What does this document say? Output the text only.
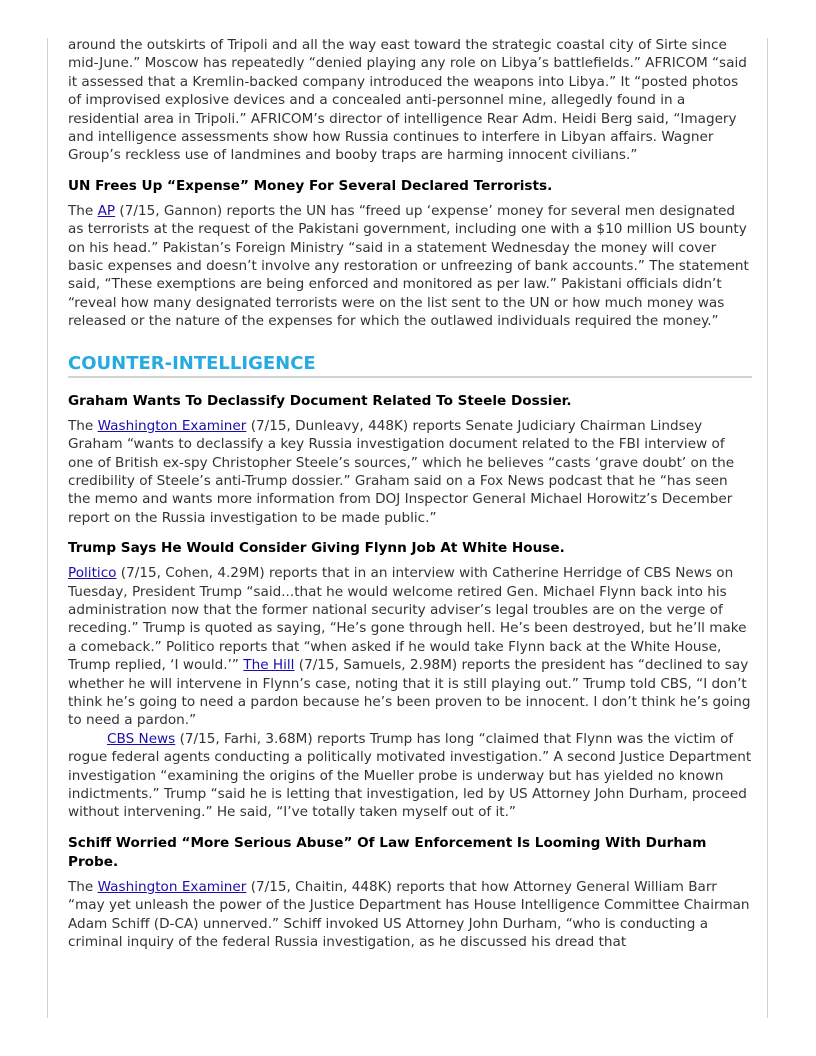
around the outskirts of Tripoli and all the way east toward the strategic coastal city of Sirte since mid-June.” Moscow has repeatedly “denied playing any role on Libya’s battlefields.” AFRICOM “said it assessed that a Kremlin-backed company introduced the weapons into Libya.” It “posted photos of improvised explosive devices and a concealed anti-personnel mine, allegedly found in a residential area in Tripoli.” AFRICOM’s director of intelligence Rear Adm. Heidi Berg said, “Imagery and intelligence assessments show how Russia continues to interfere in Libyan affairs. Wagner Group’s reckless use of landmines and booby traps are harming innocent civilians.”

UN Frees Up “Expense” Money For Several Declared Terrorists.

The AP (7/15, Gannon) reports the UN has “freed up ‘expense’ money for several men designated as terrorists at the request of the Pakistani government, including one with a $10 million US bounty on his head.” Pakistan’s Foreign Ministry “said in a statement Wednesday the money will cover basic expenses and doesn’t involve any restoration or unfreezing of bank accounts.” The statement said, “These exemptions are being enforced and monitored as per law.” Pakistani officials didn’t “reveal how many designated terrorists were on the list sent to the UN or how much money was released or the nature of the expenses for which the outlawed individuals required the money.”

COUNTER-INTELLIGENCE
Graham Wants To Declassify Document Related To Steele Dossier.

The Washington Examiner (7/15, Dunleavy, 448K) reports Senate Judiciary Chairman Lindsey Graham “wants to declassify a key Russia investigation document related to the FBI interview of one of British ex-spy Christopher Steele’s sources,” which he believes “casts ‘grave doubt’ on the credibility of Steele’s anti-Trump dossier.” Graham said on a Fox News podcast that he “has seen the memo and wants more information from DOJ Inspector General Michael Horowitz’s December report on the Russia investigation to be made public.”

Trump Says He Would Consider Giving Flynn Job At White House.

Politico (7/15, Cohen, 4.29M) reports that in an interview with Catherine Herridge of CBS News on Tuesday, President Trump “said...that he would welcome retired Gen. Michael Flynn back into his administration now that the former national security adviser’s legal troubles are on the verge of receding.” Trump is quoted as saying, “He’s gone through hell. He’s been destroyed, but he’ll make a comeback.” Politico reports that “when asked if he would take Flynn back at the White House, Trump replied, ‘I would.’” The Hill (7/15, Samuels, 2.98M) reports the president has “declined to say whether he will intervene in Flynn’s case, noting that it is still playing out.” Trump told CBS, “I don’t think he’s going to need a pardon because he’s been proven to be innocent. I don’t think he’s going to need a pardon.”

CBS News (7/15, Farhi, 3.68M) reports Trump has long “claimed that Flynn was the victim of rogue federal agents conducting a politically motivated investigation.” A second Justice Department investigation “examining the origins of the Mueller probe is underway but has yielded no known indictments.” Trump “said he is letting that investigation, led by US Attorney John Durham, proceed without intervening.” He said, “I’ve totally taken myself out of it.”

Schiff Worried “More Serious Abuse” Of Law Enforcement Is Looming With Durham Probe.

The Washington Examiner (7/15, Chaitin, 448K) reports that how Attorney General William Barr “may yet unleash the power of the Justice Department has House Intelligence Committee Chairman Adam Schiff (D-CA) unnerved.” Schiff invoked US Attorney John Durham, “who is conducting a criminal inquiry of the federal Russia investigation, as he discussed his dread that
